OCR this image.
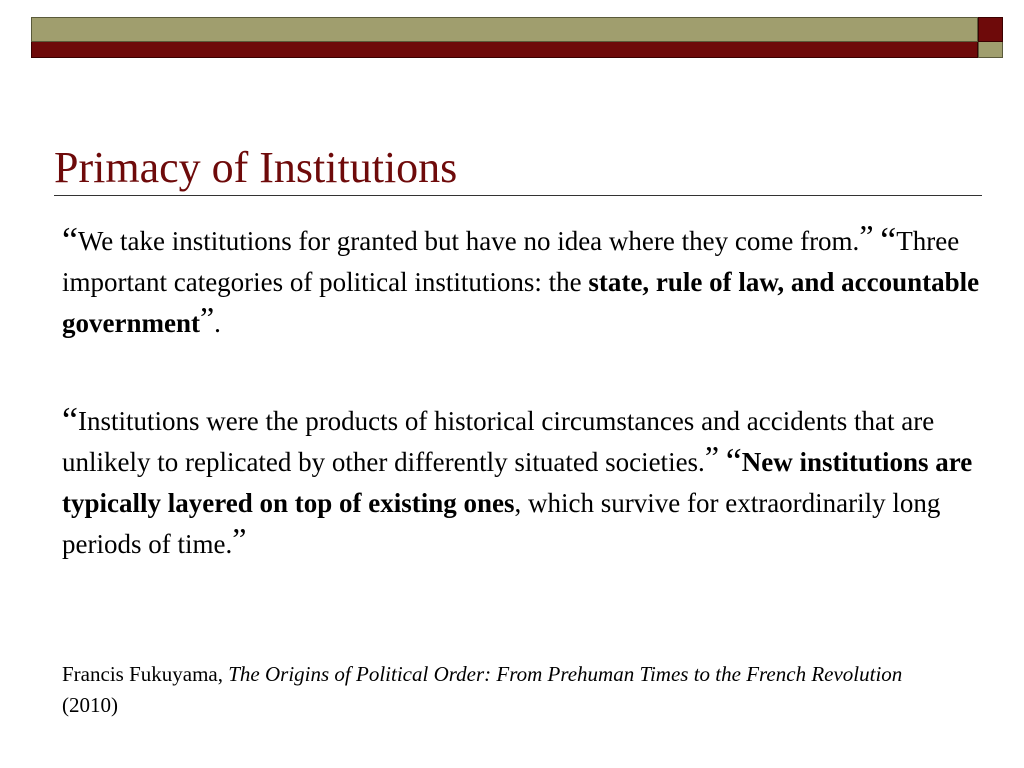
Primacy of Institutions

“We take institutions for granted but have no idea where they come from.” “Three important categories of political institutions: the state, rule of law, and accountable government”.

“Institutions were the products of historical circumstances and accidents that are unlikely to replicated by other differently situated societies.” “New institutions are typically layered on top of existing ones, which survive for extraordinarily long periods of time.”

Francis Fukuyama, The Origins of Political Order: From Prehuman Times to the French Revolution (2010)
